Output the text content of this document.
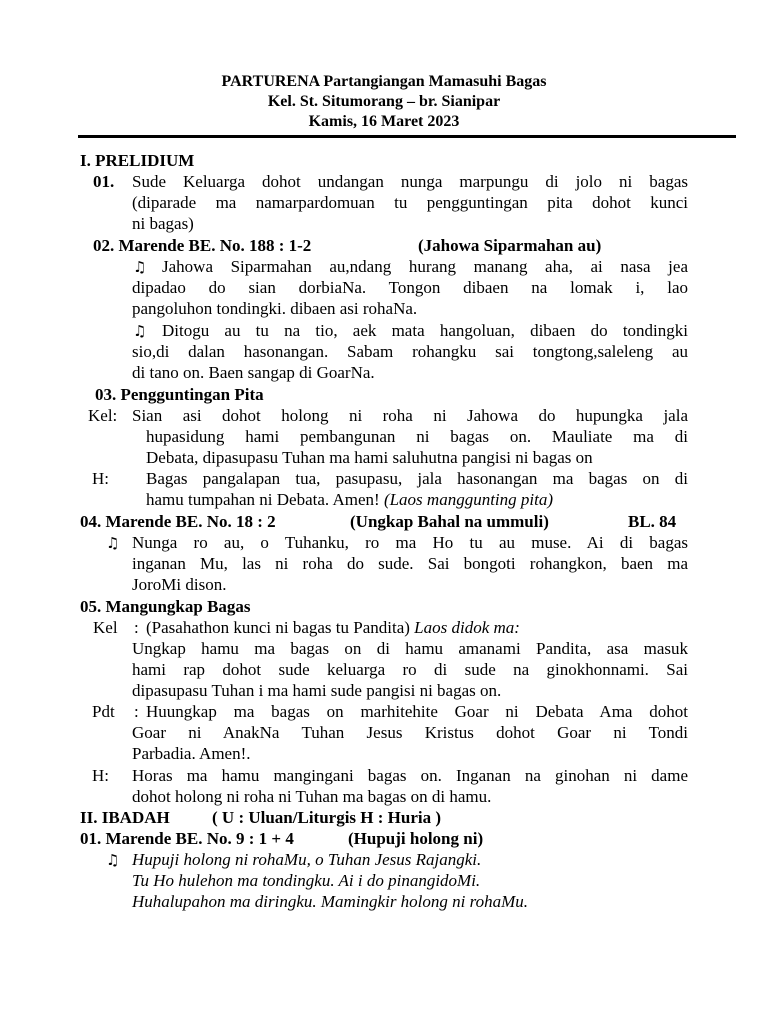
PARTURENA Partangiangan Mamasuhi Bagas
Kel. St. Situmorang – br. Sianipar
Kamis, 16 Maret 2023
I. PRELIDIUM
01. Sude Keluarga dohot undangan nunga marpungu di jolo ni bagas
(diparade ma namarpardomuan tu pengguntingan pita dohot kunci
ni bagas)
02. Marende BE. No. 188 : 1-2	(Jahowa Siparmahan au)
♫ Jahowa Siparmahan au,ndang hurang manang aha, ai nasa jea
dipadao do sian dorbiaNa. Tongon dibaen na lomak i, lao
pangoluhon tondingki. dibaen asi rohaNa.
♫ Ditogu au tu na tio, aek mata hangoluan, dibaen do tondingki
sio,di dalan hasonangan. Sabam rohangku sai tongtong,saleleng au
di tano on. Baen sangap di GoarNa.
03. Pengguntingan Pita
Kel: Sian asi dohot holong ni roha ni Jahowa do hupungka jala
hupasidung hami pembangunan ni bagas on. Mauliate ma di
Debata, dipasupasu Tuhan ma hami saluhutna pangisi ni bagas on
H: Bagas pangalapan tua, pasupasu, jala hasonangan ma bagas on di
hamu tumpahan ni Debata. Amen! (Laos manggunting pita)
04. Marende BE. No. 18 : 2	(Ungkap Bahal na ummuli)	BL. 84
♫ Nunga ro au, o Tuhanku, ro ma Ho tu au muse. Ai di bagas
inganan Mu, las ni roha do sude. Sai bongoti rohangkon, baen ma
JoroMi dison.
05. Mangungkap Bagas
Kel : (Pasahathon kunci ni bagas tu Pandita) Laos didok ma:
Ungkap hamu ma bagas on di hamu amanami Pandita, asa masuk
hami rap dohot sude keluarga ro di sude na ginokhonnami. Sai
dipasupasu Tuhan i ma hami sude pangisi ni bagas on.
Pdt : Huungkap ma bagas on marhitehite Goar ni Debata Ama dohot
Goar ni AnakNa Tuhan Jesus Kristus dohot Goar ni Tondi
Parbadia. Amen!.
H: Horas ma hamu mangingani bagas on. Inganan na ginohan ni dame
dohot holong ni roha ni Tuhan ma bagas on di hamu.
II. IBADAH ( U : Uluan/Liturgis H : Huria )
01. Marende BE. No. 9 : 1 + 4	(Hupuji holong ni)
♫ Hupuji holong ni rohaMu, o Tuhan Jesus Rajangki.
Tu Ho hulehon ma tondingku. Ai i do pinangidoMi.
Huhalupahon ma diringku. Mamingkir holong ni rohaMu.
